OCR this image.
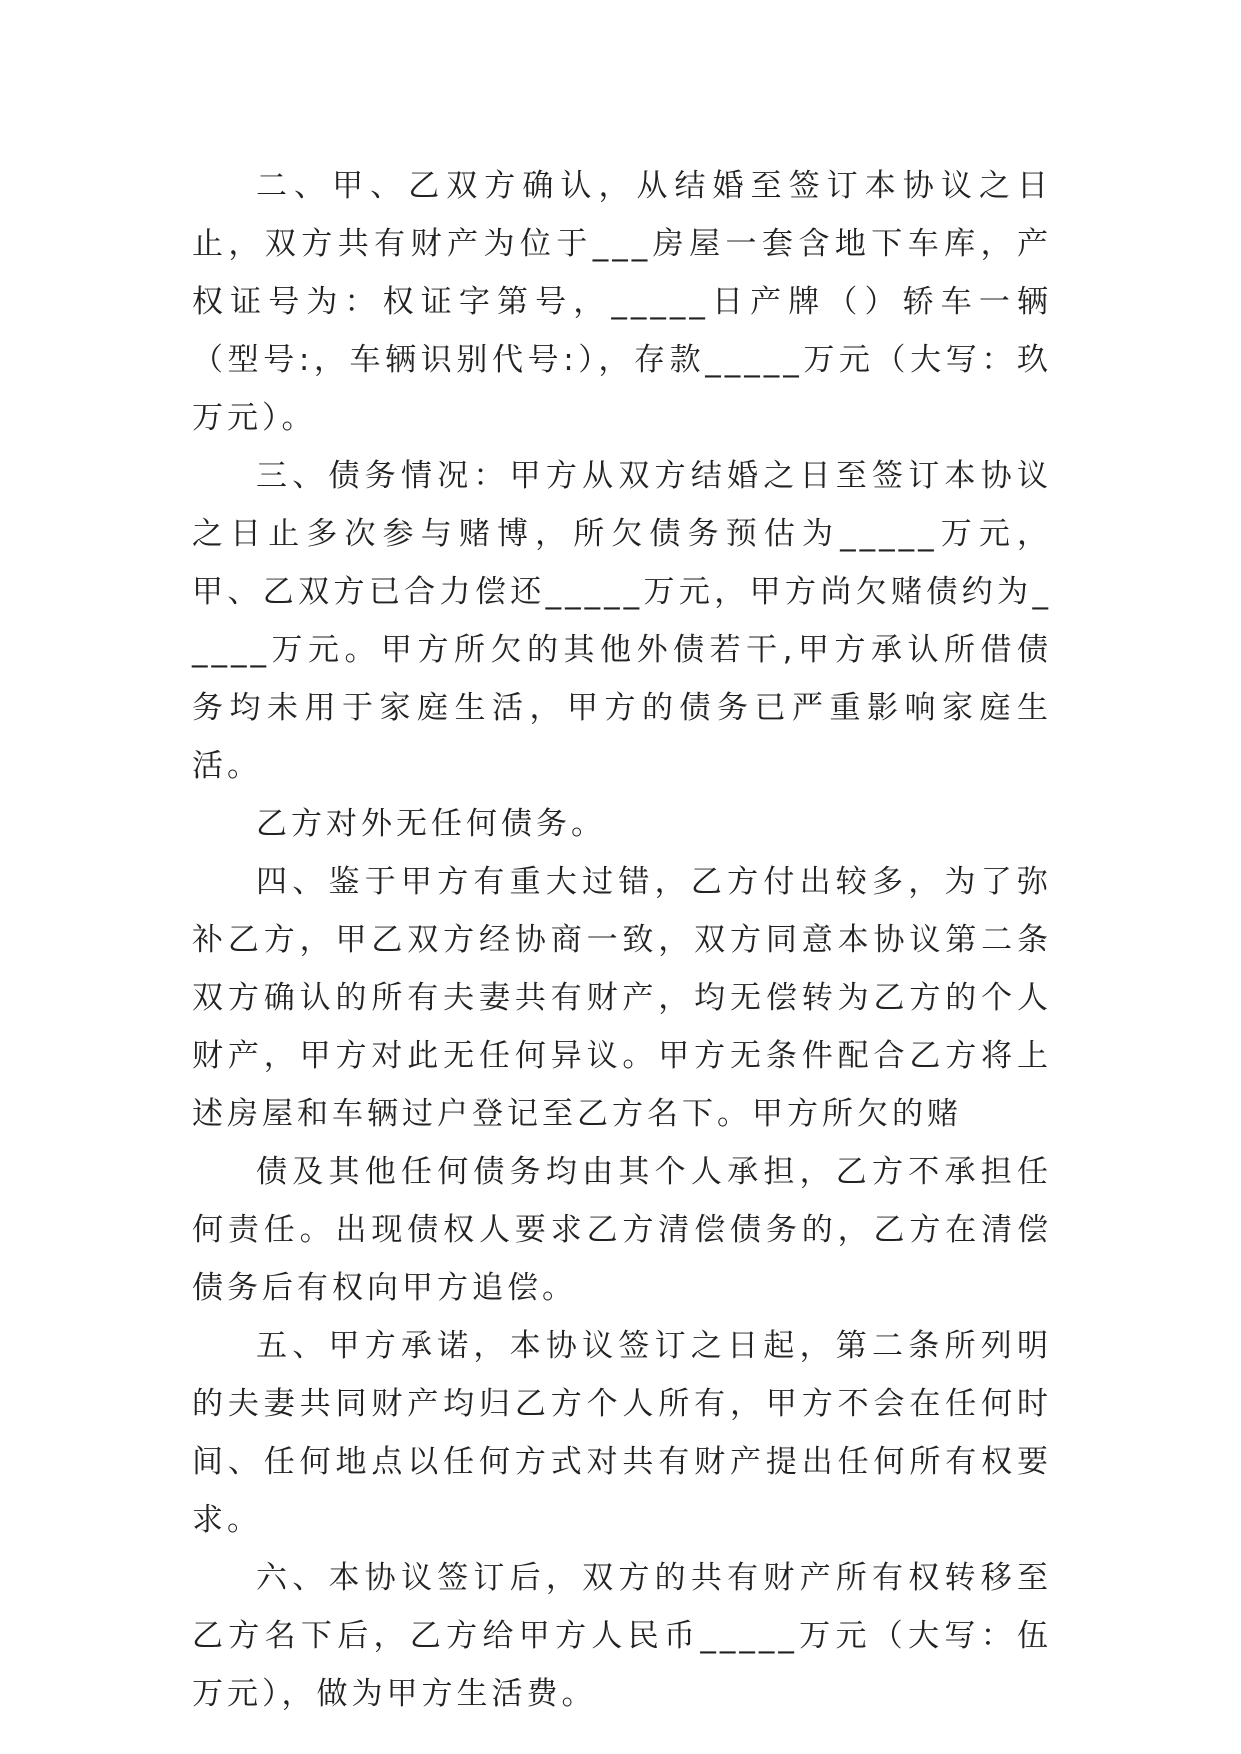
二、甲、乙双方确认，从结婚至签订本协议之日止，双方共有财产为位于___房屋一套含地下车库，产权证号为：权证字第号，_____日产牌（）轿车一辆（型号:，车辆识别代号:），存款_____万元（大写：玖万元）。

三、债务情况：甲方从双方结婚之日至签订本协议之日止多次参与赌博，所欠债务预估为_____万元，甲、乙双方已合力偿还_____万元，甲方尚欠赌债约为_____万元。甲方所欠的其他外债若干,甲方承认所借债务均未用于家庭生活，甲方的债务已严重影响家庭生活。

乙方对外无任何债务。

四、鉴于甲方有重大过错，乙方付出较多，为了弥补乙方，甲乙双方经协商一致，双方同意本协议第二条双方确认的所有夫妻共有财产，均无偿转为乙方的个人财产，甲方对此无任何异议。甲方无条件配合乙方将上述房屋和车辆过户登记至乙方名下。甲方所欠的赌

债及其他任何债务均由其个人承担，乙方不承担任何责任。出现债权人要求乙方清偿债务的，乙方在清偿债务后有权向甲方追偿。

五、甲方承诺，本协议签订之日起，第二条所列明的夫妻共同财产均归乙方个人所有，甲方不会在任何时间、任何地点以任何方式对共有财产提出任何所有权要求。

六、本协议签订后，双方的共有财产所有权转移至乙方名下后，乙方给甲方人民币_____万元（大写：伍万元），做为甲方生活费。
